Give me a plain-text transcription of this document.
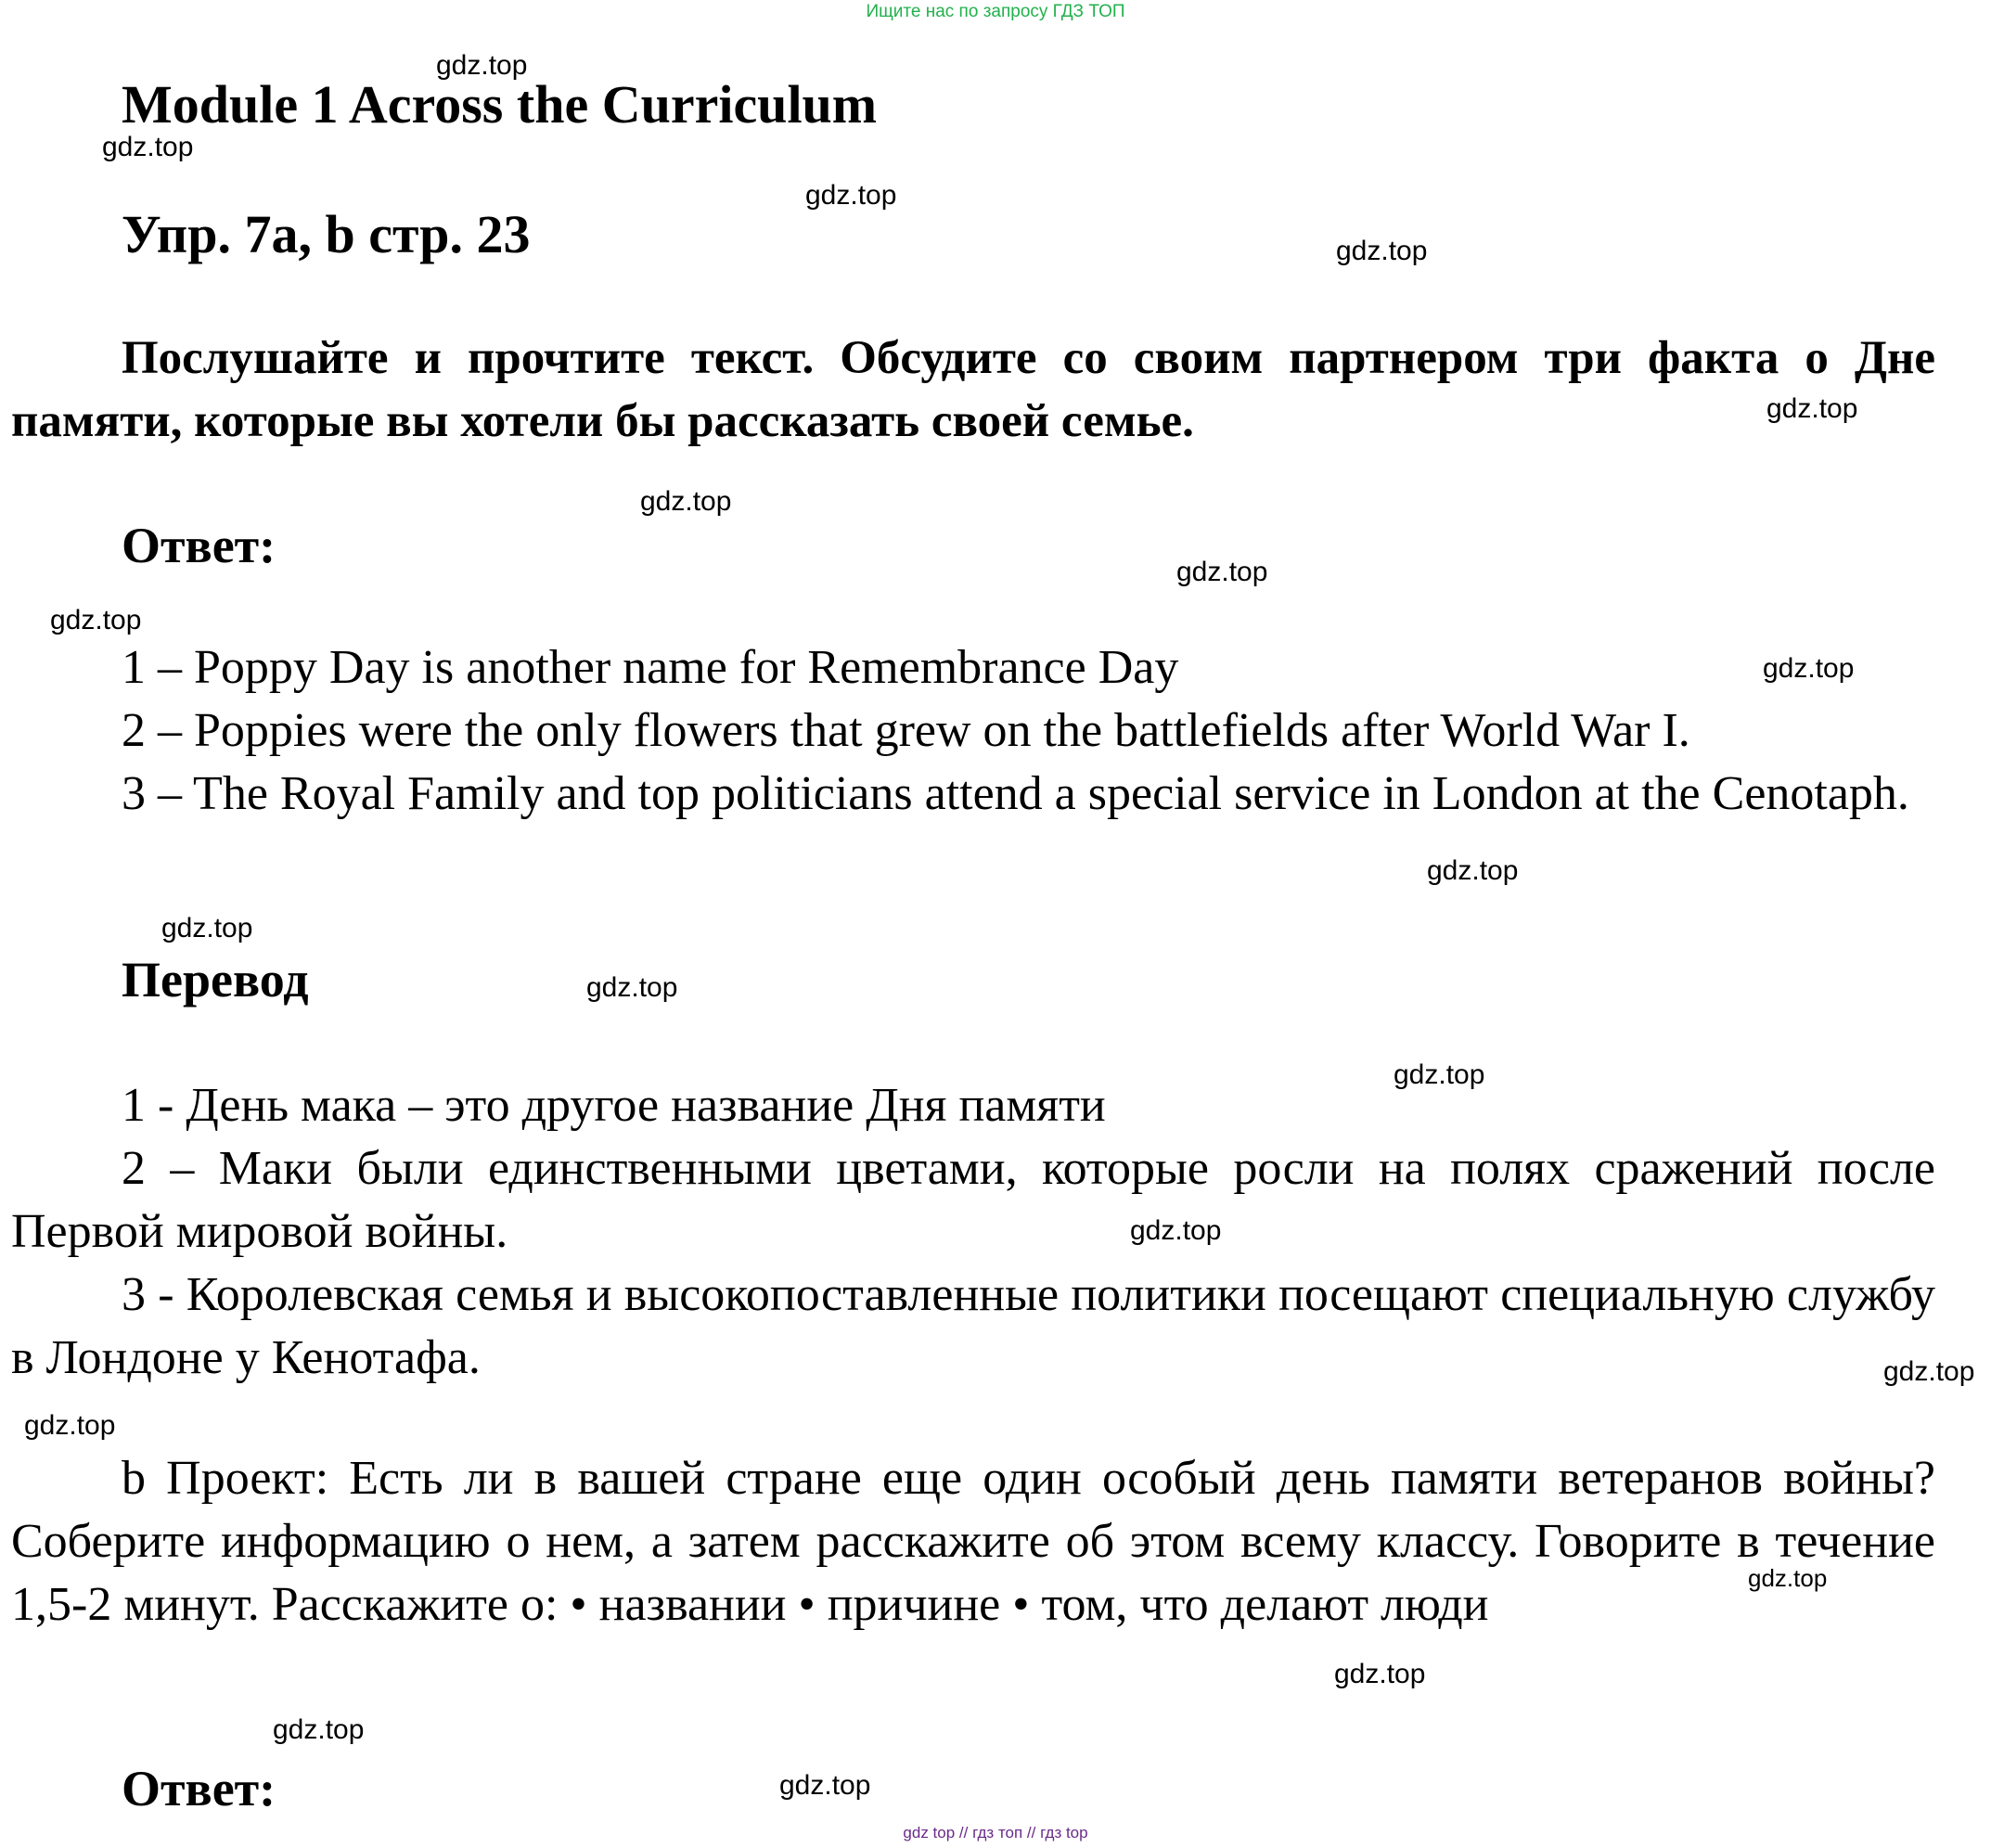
Ищите нас по запросу ГДЗ ТОП
Module 1 Across the Curriculum
Упр. 7a, b стр. 23

Послушайте и прочтите текст. Обсудите со своим партнером три факта о Дне памяти, которые вы хотели бы рассказать своей семье.

Ответ:

1 – Poppy Day is another name for Remembrance Day

2 – Poppies were the only flowers that grew on the battlefields after World War I.

3 – The Royal Family and top politicians attend a special service in London at the Cenotaph.

Перевод

1 - День мака – это другое название Дня памяти

2 – Маки были единственными цветами, которые росли на полях сражений после Первой мировой войны.

3 - Королевская семья и высокопоставленные политики посещают специальную службу в Лондоне у Кенотафа.

b Проект: Есть ли в вашей стране еще один особый день памяти ветеранов войны? Соберите информацию о нем, а затем расскажите об этом всему классу. Говорите в течение 1,5-2 минут. Расскажите о: • названии • причине • том, что делают люди

Ответ:
gdz.top
gdz.top
gdz.top
gdz.top
gdz.top
gdz.top
gdz.top
gdz.top
gdz.top
gdz.top
gdz.top
gdz.top
gdz.top
gdz.top
gdz.top
gdz.top
gdz.top
gdz.top
gdz.top
gdz.top
gdz top // гдз топ // гдз top
